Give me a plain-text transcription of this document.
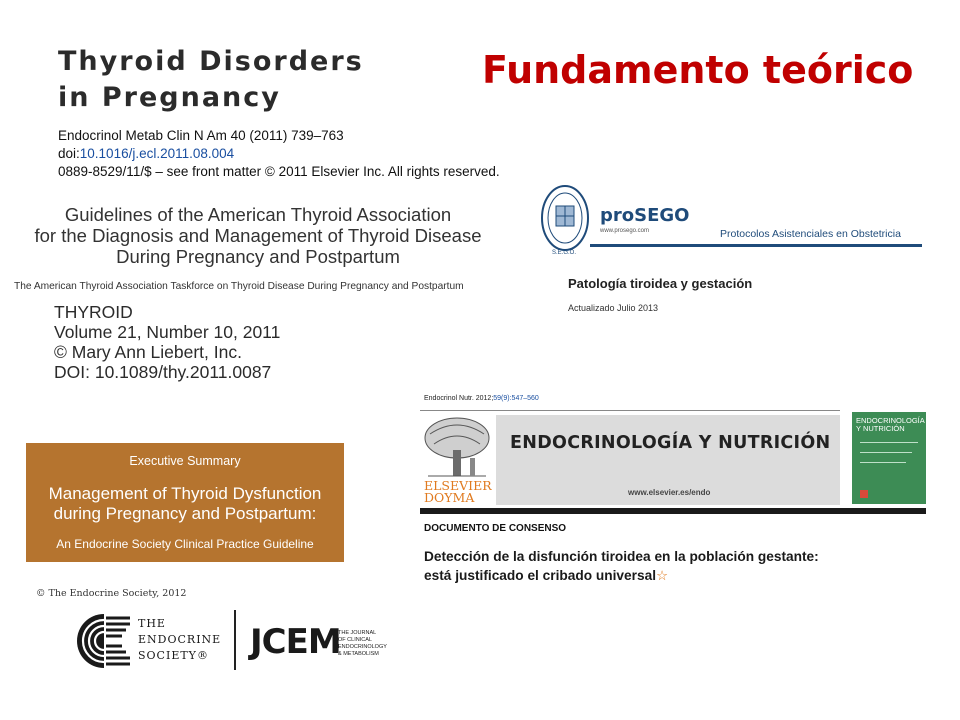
Fundamento teórico
Thyroid Disorders
in Pregnancy
Endocrinol Metab Clin N Am 40 (2011) 739–763
doi:10.1016/j.ecl.2011.08.004
0889-8529/11/$ – see front matter © 2011 Elsevier Inc. All rights reserved.
Guidelines of the American Thyroid Association
for the Diagnosis and Management of Thyroid Disease
During Pregnancy and Postpartum
The American Thyroid Association Taskforce on Thyroid Disease During Pregnancy and Postpartum
THYROID
Volume 21, Number 10, 2011
© Mary Ann Liebert, Inc.
DOI: 10.1089/thy.2011.0087
Executive Summary
Management of Thyroid Dysfunction
during Pregnancy and Postpartum:
An Endocrine Society Clinical Practice Guideline
© The Endocrine Society, 2012
THE
ENDOCRINE
SOCIETY®	JCEM
THE JOURNAL
OF CLINICAL
ENDOCRINOLOGY
& METABOLISM
S.E.G.O.
proSEGO
www.prosego.com	Protocolos Asistenciales en Obstetricia
Patología tiroidea y gestación
Actualizado Julio 2013
Endocrinol Nutr. 2012;59(9):547–560
ELSEVIER
DOYMA
ENDOCRINOLOGÍA Y NUTRICIÓN
www.elsevier.es/endo
ENDOCRINOLOGÍA Y NUTRICIÓN
DOCUMENTO DE CONSENSO
Detección de la disfunción tiroidea en la población gestante:
está justificado el cribado universal☆
